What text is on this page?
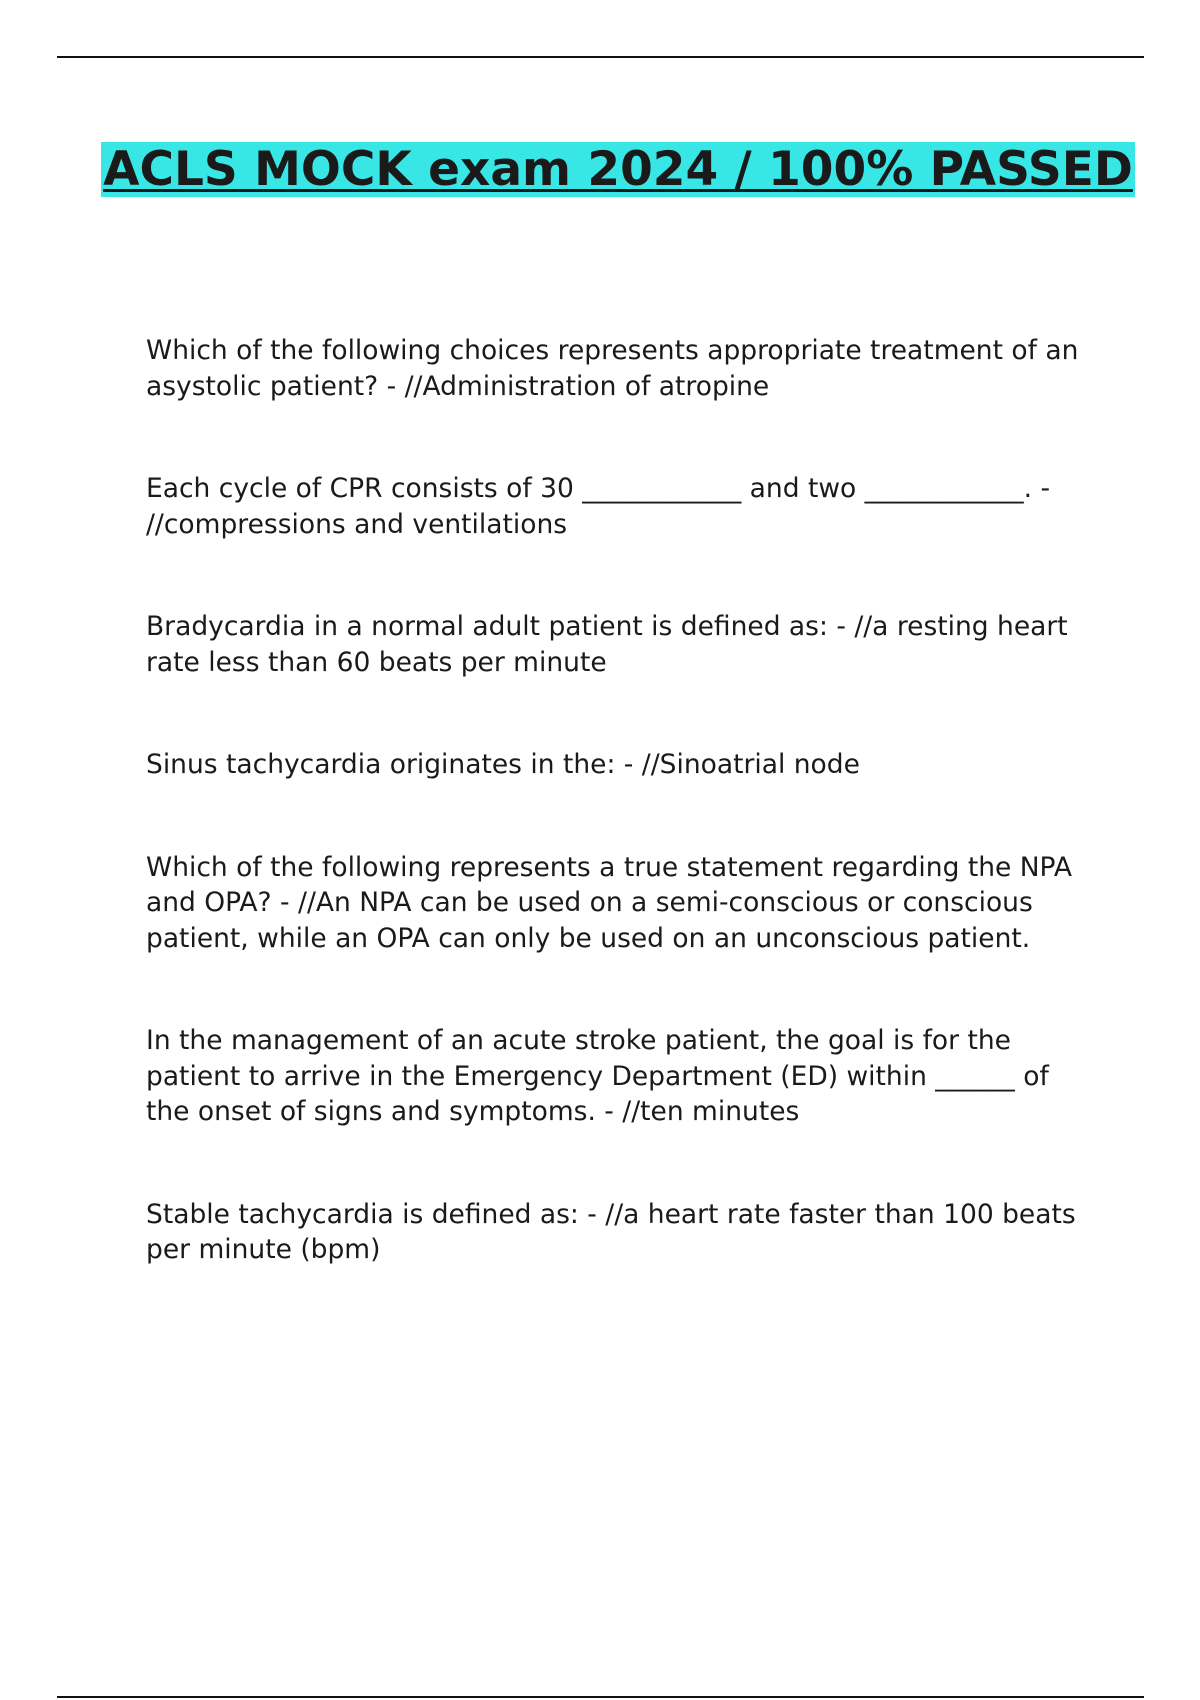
ACLS MOCK exam 2024 / 100% PASSED
Which of the following choices represents appropriate treatment of an asystolic patient? - //Administration of atropine
Each cycle of CPR consists of 30 ____________ and two ____________. - //compressions and ventilations
Bradycardia in a normal adult patient is defined as: - //a resting heart rate less than 60 beats per minute
Sinus tachycardia originates in the: - //Sinoatrial node
Which of the following represents a true statement regarding the NPA and OPA? - //An NPA can be used on a semi-conscious or conscious patient, while an OPA can only be used on an unconscious patient.
In the management of an acute stroke patient, the goal is for the patient to arrive in the Emergency Department (ED) within ______ of the onset of signs and symptoms. - //ten minutes
Stable tachycardia is defined as: - //a heart rate faster than 100 beats per minute (bpm)
